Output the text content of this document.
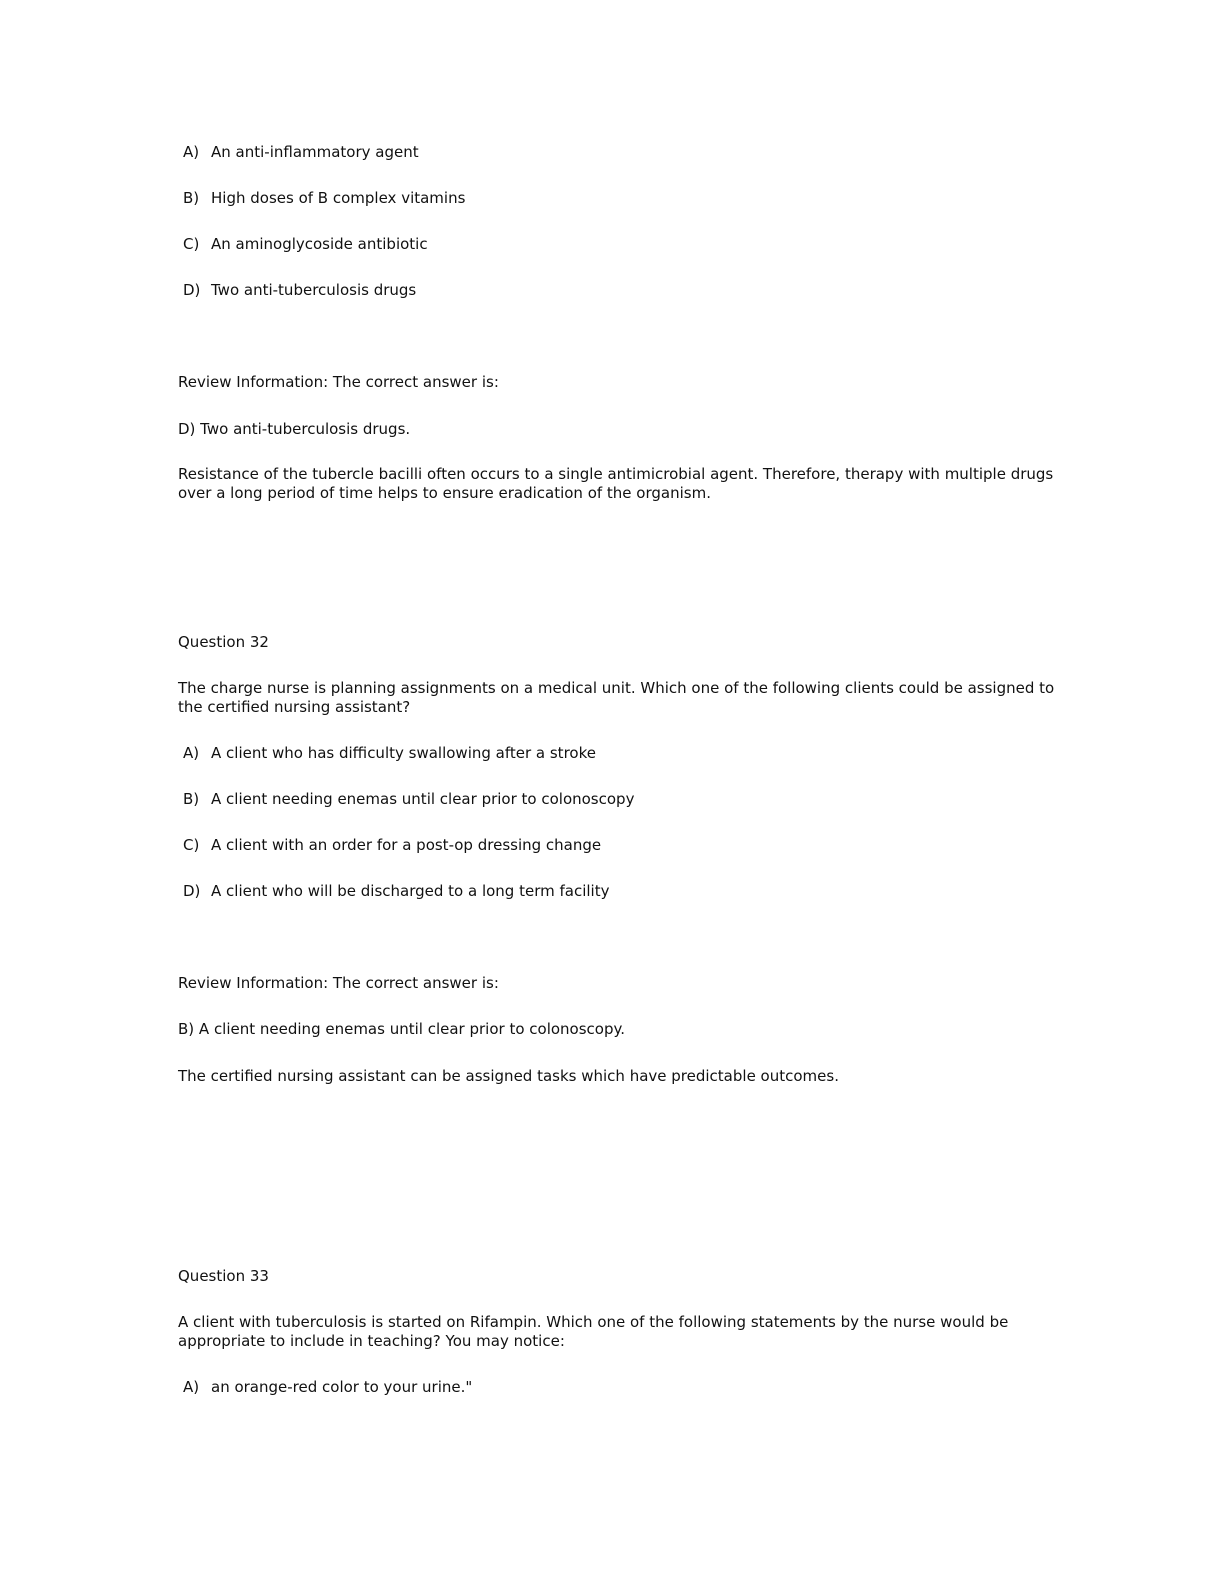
A) An anti-inflammatory agent
B) High doses of B complex vitamins
C) An aminoglycoside antibiotic
D) Two anti-tuberculosis drugs
Review Information: The correct answer is:
D) Two anti-tuberculosis drugs.
Resistance of the tubercle bacilli often occurs to a single antimicrobial agent. Therefore, therapy with multiple drugs over a long period of time helps to ensure eradication of the organism.
Question 32
The charge nurse is planning assignments on a medical unit. Which one of the following clients could be assigned to the certified nursing assistant?
A) A client who has difficulty swallowing after a stroke
B) A client needing enemas until clear prior to colonoscopy
C) A client with an order for a post-op dressing change
D) A client who will be discharged to a long term facility
Review Information: The correct answer is:
B) A client needing enemas until clear prior to colonoscopy.
The certified nursing assistant can be assigned tasks which have predictable outcomes.
Question 33
A client with tuberculosis is started on Rifampin. Which one of the following statements by the nurse would be appropriate to include in teaching? You may notice:
A) an orange-red color to your urine."
